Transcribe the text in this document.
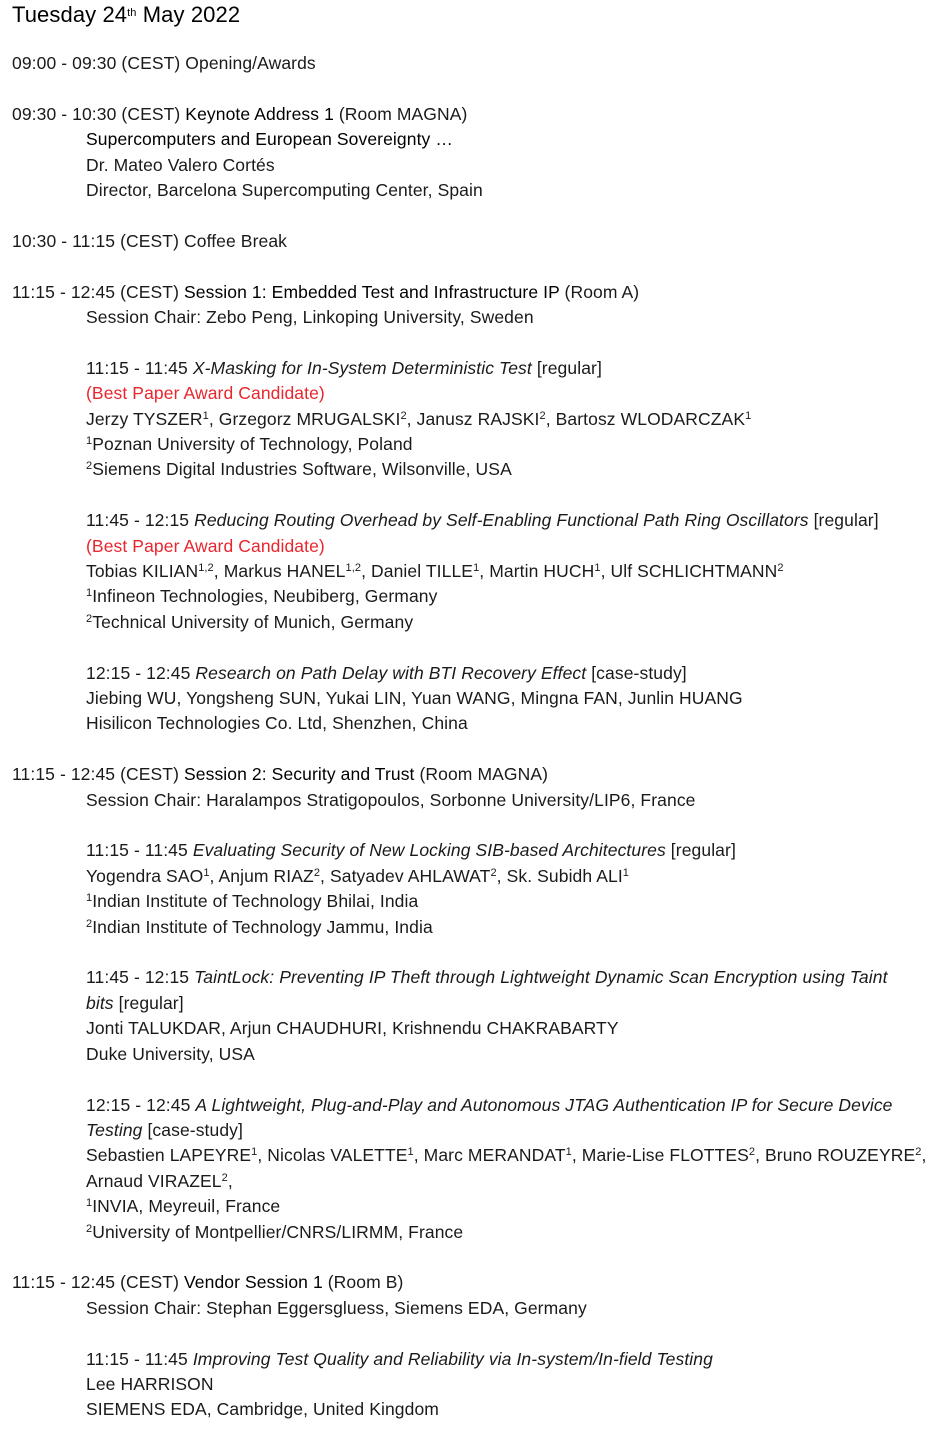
Tuesday 24th May 2022
09:00 - 09:30 (CEST) Opening/Awards
09:30 - 10:30 (CEST) Keynote Address 1 (Room MAGNA)
Supercomputers and European Sovereignty …
Dr. Mateo Valero Cortés
Director, Barcelona Supercomputing Center, Spain
10:30 - 11:15 (CEST) Coffee Break
11:15 - 12:45 (CEST) Session 1: Embedded Test and Infrastructure IP (Room A)
Session Chair: Zebo Peng, Linkoping University, Sweden
11:15 - 11:45 X-Masking for In-System Deterministic Test [regular]
(Best Paper Award Candidate)
Jerzy TYSZER$^1$, Grzegorz MRUGALSKI$^2$, Janusz RAJSKI$^2$, Bartosz WLODARCZAK$^1$
$^1$Poznan University of Technology, Poland
$^2$Siemens Digital Industries Software, Wilsonville, USA
11:45 - 12:15 Reducing Routing Overhead by Self-Enabling Functional Path Ring Oscillators [regular]
(Best Paper Award Candidate)
Tobias KILIAN$^{1,2}$, Markus HANEL$^{1,2}$, Daniel TILLE$^1$, Martin HUCH$^1$, Ulf SCHLICHTMANN$^2$
$^1$Infineon Technologies, Neubiberg, Germany
$^2$Technical University of Munich, Germany
12:15 - 12:45 Research on Path Delay with BTI Recovery Effect [case-study]
Jiebing WU, Yongsheng SUN, Yukai LIN, Yuan WANG, Mingna FAN, Junlin HUANG
Hisilicon Technologies Co. Ltd, Shenzhen, China
11:15 - 12:45 (CEST) Session 2: Security and Trust (Room MAGNA)
Session Chair: Haralampos Stratigopoulos, Sorbonne University/LIP6, France
11:15 - 11:45 Evaluating Security of New Locking SIB-based Architectures [regular]
Yogendra SAO$^1$, Anjum RIAZ$^2$, Satyadev AHLAWAT$^2$, Sk. Subidh ALI$^1$
$^1$Indian Institute of Technology Bhilai, India
$^2$Indian Institute of Technology Jammu, India
11:45 - 12:15 TaintLock: Preventing IP Theft through Lightweight Dynamic Scan Encryption using Taint
bits [regular]
Jonti TALUKDAR, Arjun CHAUDHURI, Krishnendu CHAKRABARTY
Duke University, USA
12:15 - 12:45 A Lightweight, Plug-and-Play and Autonomous JTAG Authentication IP for Secure Device
Testing [case-study]
Sebastien LAPEYRE$^1$, Nicolas VALETTE$^1$, Marc MERANDAT$^1$, Marie-Lise FLOTTES$^2$, Bruno ROUZEYRE$^2$,
Arnaud VIRAZEL$^2$,
$^1$INVIA, Meyreuil, France
$^2$University of Montpellier/CNRS/LIRMM, France
11:15 - 12:45 (CEST) Vendor Session 1 (Room B)
Session Chair: Stephan Eggersgluess, Siemens EDA, Germany
11:15 - 11:45 Improving Test Quality and Reliability via In-system/In-field Testing
Lee HARRISON
SIEMENS EDA, Cambridge, United Kingdom
